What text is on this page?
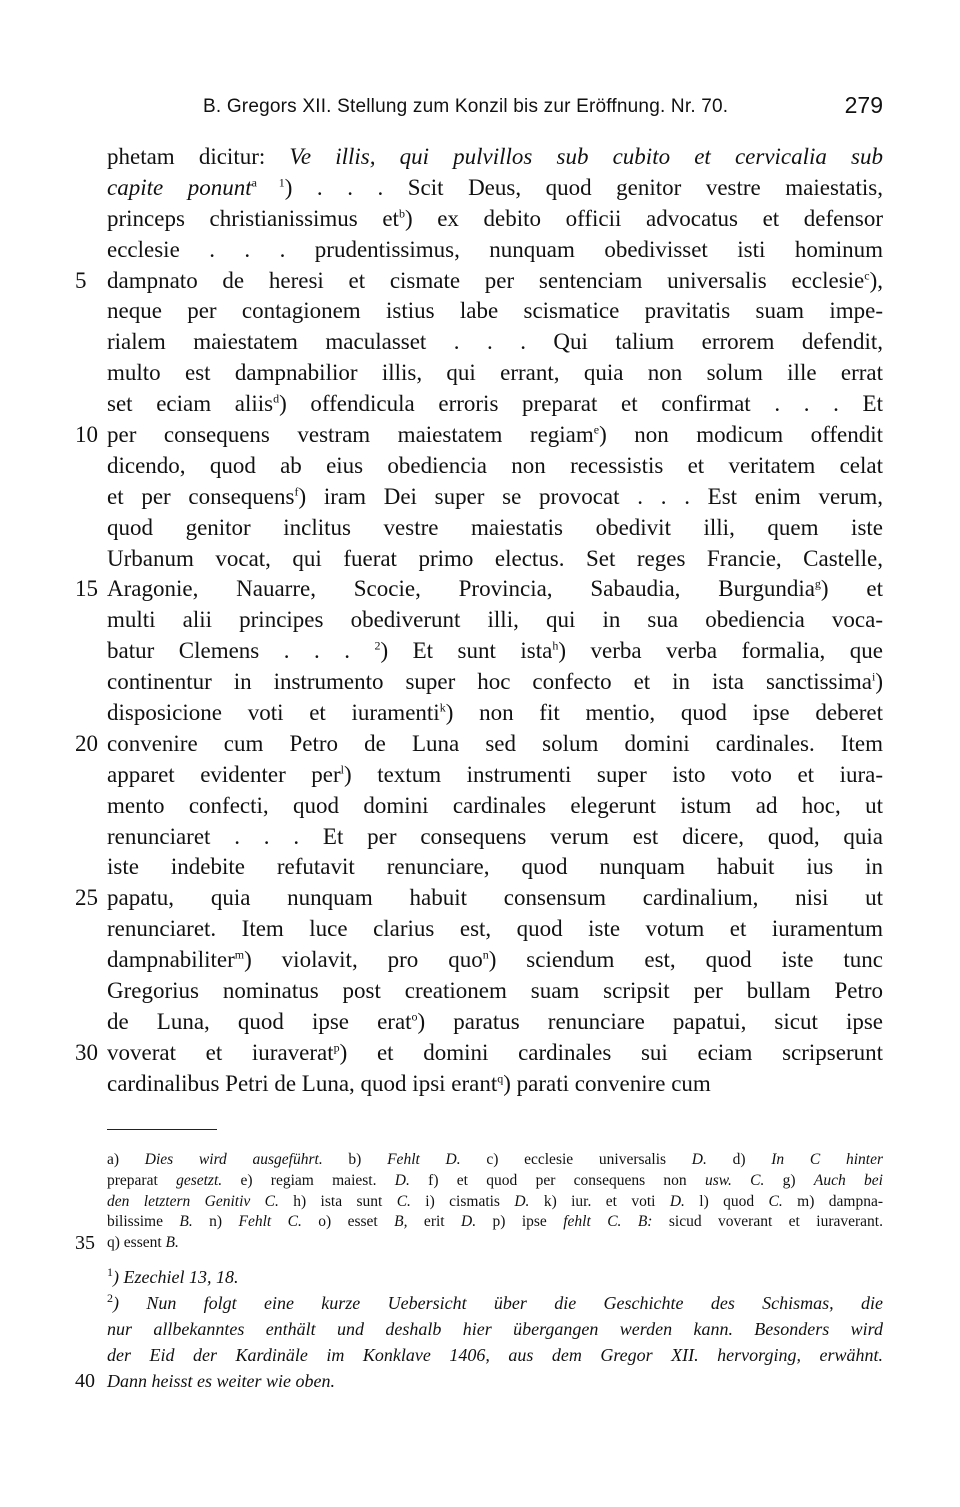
B. Gregors XII. Stellung zum Konzil bis zur Eröffnung. Nr. 70.	279
phetam dicitur: Ve illis, qui pulvillos sub cubito et cervicalia sub
capite ponunt$^{a 1}$) . . . Scit Deus, quod genitor vestre maiestatis,
princeps christianissimus $et^b$) ex debito officii advocatus et defensor
ecclesie . . . prudentissimus, nunquam obedivisset isti hominum
5 dampnato de heresi et cismate per sentenciam universalis ecclesie$^c$),
neque per contagionem istius labe scismatice pravitatis suam impe-
rialem maiestatem maculasset . . . Qui talium errorem defendit,
multo est dampnabilior illis, qui errant, quia non solum ille errat
set eciam aliis$^d$) offendicula erroris preparat et confirmat . . . Et
10 per consequens vestram maiestatem regiam$^e$) non modicum offendit
dicendo, quod ab eius obediencia non recessistis et veritatem celat
et per consequens$^f$) iram Dei super se provocat . . . Est enim verum,
quod genitor inclitus vestre maiestatis obedivit illi, quem iste
Urbanum vocat, qui fuerat primo electus. Set reges Francie, Castelle,
15 Aragonie, Nauarre, Scocie, Provincia, Sabaudia, Burgundia$^g$) et
multi alii principes obediverunt illi, qui in sua obediencia voca-
batur Clemens . . . $^2$) Et sunt ista$^h$) verba verba formalia, que
continentur in instrumento super hoc confecto et in ista sanctissima$^i$)
disposicione voti et iuramenti$^k$) non fit mentio, quod ipse deberet
20 convenire cum Petro de Luna sed solum domini cardinales. Item
apparet evidenter per$^l$) textum instrumenti super isto voto et iura-
mento confecti, quod domini cardinales elegerunt istum ad hoc, ut
renunciaret . . . Et per consequens verum est dicere, quod, quia
iste indebite refutavit renunciare, quod nunquam habuit ius in
25 papatu, quia nunquam habuit consensum cardinalium, nisi ut
renunciaret. Item luce clarius est, quod iste votum et iuramentum
dampnabiliter$^m$) violavit, pro quo$^n$) sciendum est, quod iste tunc
Gregorius nominatus post creationem suam scripsit per bullam Petro
de Luna, quod ipse erat$^o$) paratus renunciare papatui, sicut ipse
30 voverat et iuraverat$^p$) et domini cardinales sui eciam scripserunt
cardinalibus Petri de Luna, quod ipsi erant$^q$) parati convenire cum
a) Dies wird ausgeführt. b) Fehlt D. c) ecclesie universalis D. d) In C hinter
preparat gesetzt. e) regiam maiest. D. f) et quod per consequens non usw. C. g) Auch bei
den letztern Genitiv C. h) ista sunt C. i) cismatis D. k) iur. et voti D. l) quod C. m) dampna-
bilissime B. n) Fehlt C. o) esset B, erit D. p) ipse fehlt C. B: sicud voverant et iuraverant.
35 q) essent B.
$^1$) Ezechiel 13, 18.
$^2$) Nun folgt eine kurze Uebersicht über die Geschichte des Schismas, die
nur allbekanntes enthält und deshalb hier übergangen werden kann. Besonders wird
der Eid der Kardinäle im Konklave 1406, aus dem Gregor XII. hervorging, erwähnt.
40 Dann heisst es weiter wie oben.
